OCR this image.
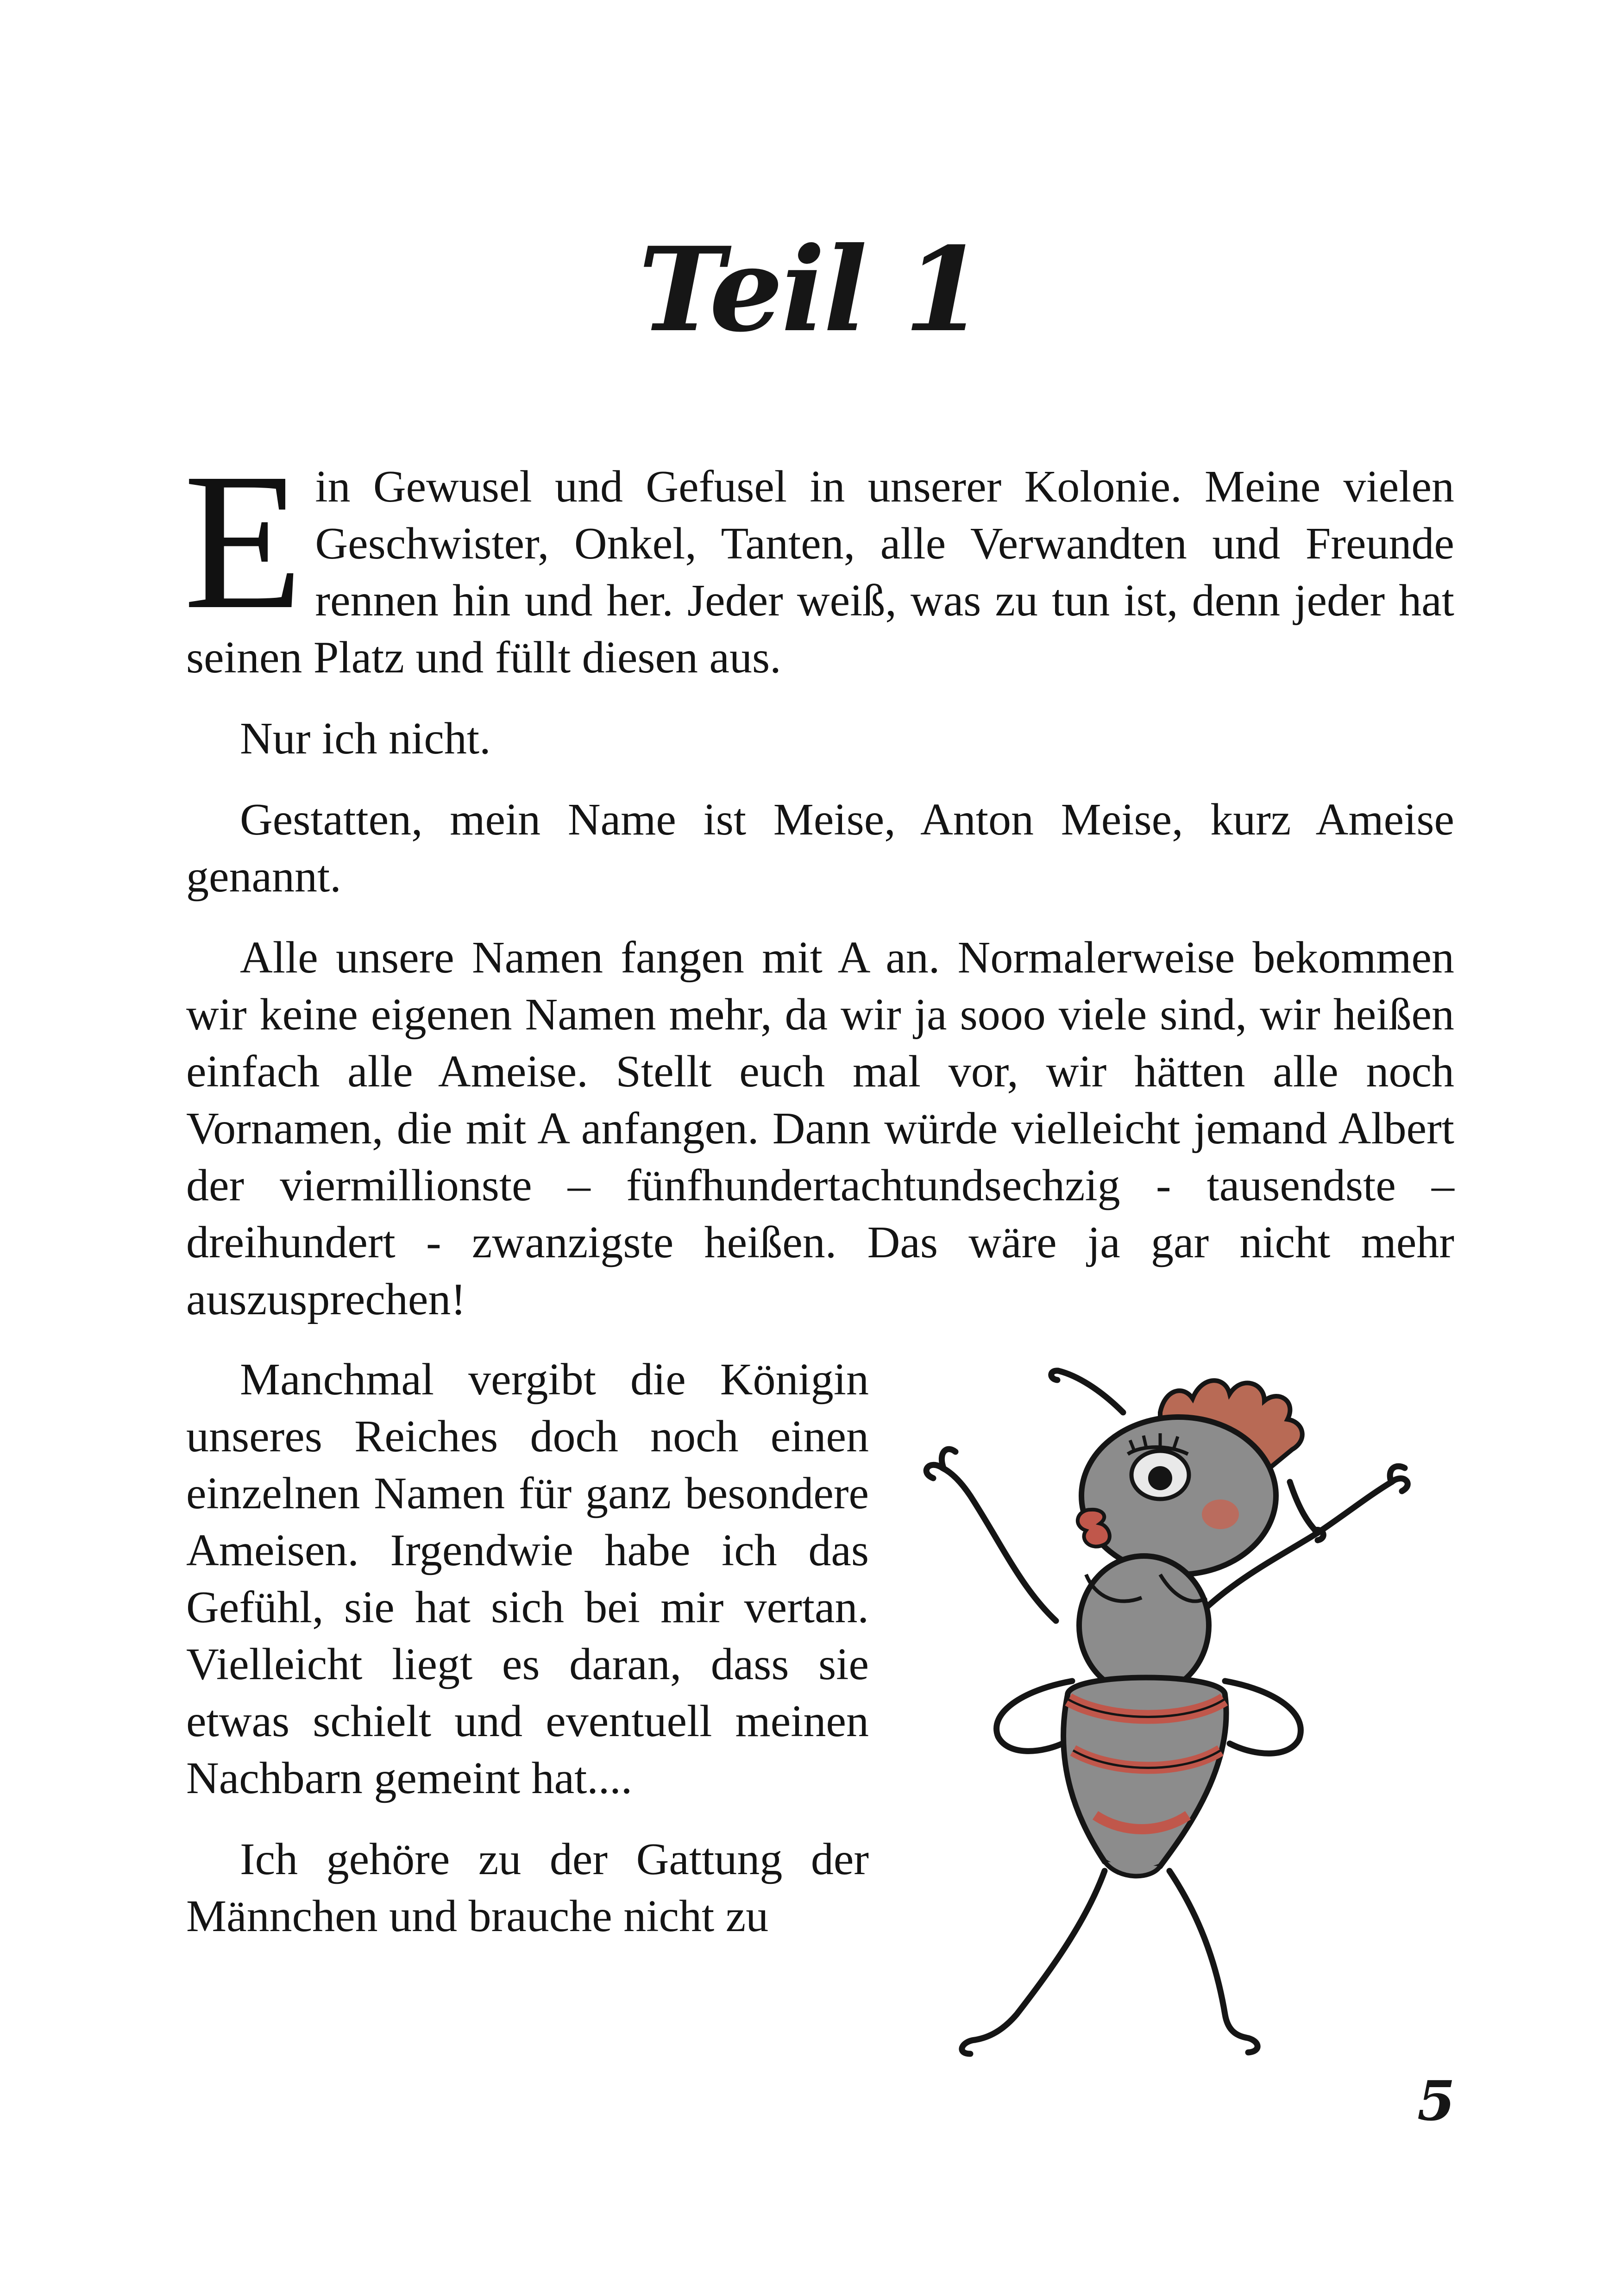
Teil 1

Ein Gewusel und Gefusel in unserer Kolonie. Meine vielen Geschwister, Onkel, Tanten, alle Verwandten und Freunde rennen hin und her. Jeder weiß, was zu tun ist, denn jeder hat seinen Platz und füllt diesen aus.

Nur ich nicht.

Gestatten, mein Name ist Meise, Anton Meise, kurz Ameise genannt.

Alle unsere Namen fangen mit A an. Normalerweise bekommen wir keine eigenen Namen mehr, da wir ja sooo viele sind, wir heißen einfach alle Ameise. Stellt euch mal vor, wir hätten alle noch Vornamen, die mit A anfangen. Dann würde vielleicht jemand Albert der viermillionste – fünfhundertachtundsechzig - tausendste – dreihundert - zwanzigste heißen. Das wäre ja gar nicht mehr auszusprechen!

Manchmal vergibt die Königin unseres Reiches doch noch einen einzelnen Namen für ganz besondere Ameisen. Irgendwie habe ich das Gefühl, sie hat sich bei mir vertan. Vielleicht liegt es daran, dass sie etwas schielt und eventuell meinen Nachbarn gemeint hat....

Ich gehöre zu der Gattung der Männchen und brauche nicht zu

5
